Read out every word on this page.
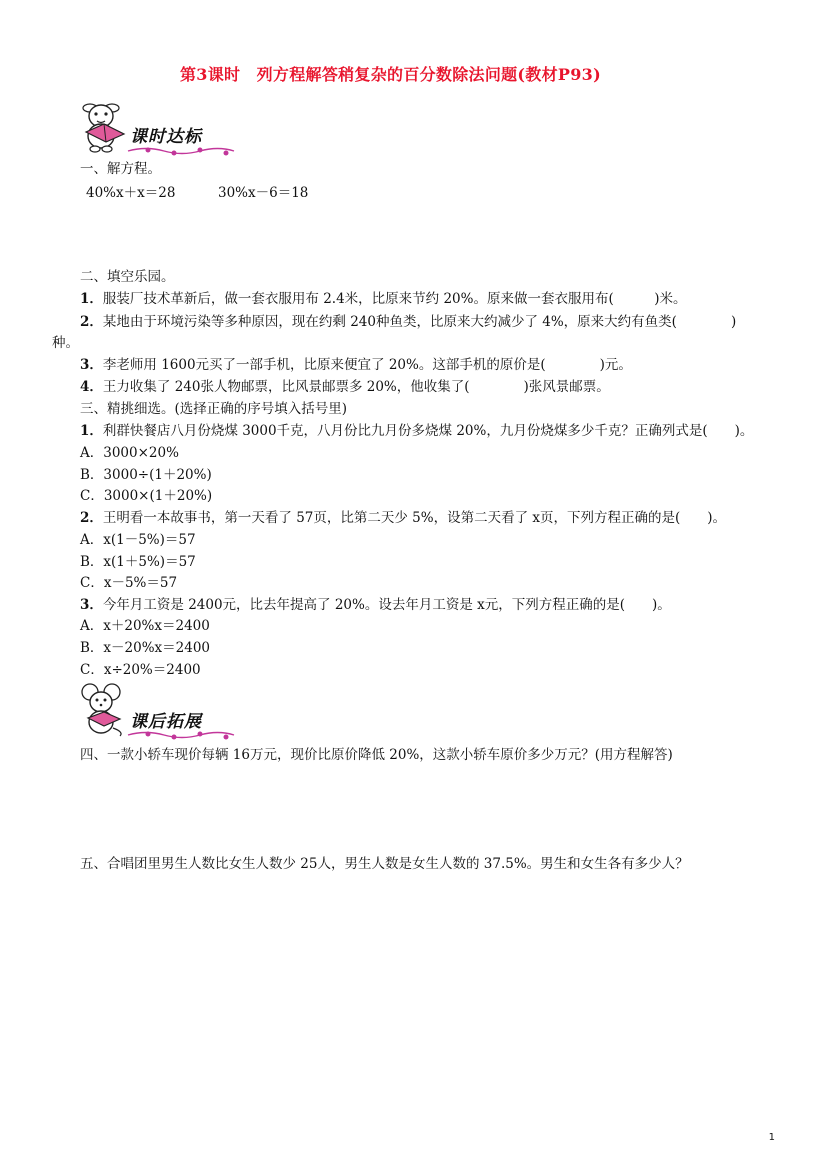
第3课时　列方程解答稍复杂的百分数除法问题(教材P93)
课时达标
一、解方程。
40%x＋x＝28	30%x－6＝18
二、填空乐园。
1．服装厂技术革新后，做一套衣服用布 2.4米，比原来节约 20%。原来做一套衣服用布(　　　)米。
2．某地由于环境污染等多种原因，现在约剩 240种鱼类，比原来大约减少了 4%，原来大约有鱼类(　　　　)
种。
3．李老师用 1600元买了一部手机，比原来便宜了 20%。这部手机的原价是(　　　　)元。
4．王力收集了 240张人物邮票，比风景邮票多 20%，他收集了(　　　　)张风景邮票。
三、精挑细选。(选择正确的序号填入括号里)
1．利群快餐店八月份烧煤 3000千克，八月份比九月份多烧煤 20%，九月份烧煤多少千克？正确列式是(　　)。
A．3000×20%
B．3000÷(1＋20%)
C．3000×(1＋20%)
2．王明看一本故事书，第一天看了 57页，比第二天少 5%，设第二天看了 x页，下列方程正确的是(　　)。
A．x(1－5%)＝57
B．x(1＋5%)＝57
C．x－5%＝57
3．今年月工资是 2400元，比去年提高了 20%。设去年月工资是 x元，下列方程正确的是(　　)。
A．x＋20%x＝2400
B．x－20%x＝2400
C．x÷20%＝2400
课后拓展
四、一款小轿车现价每辆 16万元，现价比原价降低 20%，这款小轿车原价多少万元？(用方程解答)
五、合唱团里男生人数比女生人数少 25人，男生人数是女生人数的 37.5%。男生和女生各有多少人？
1
